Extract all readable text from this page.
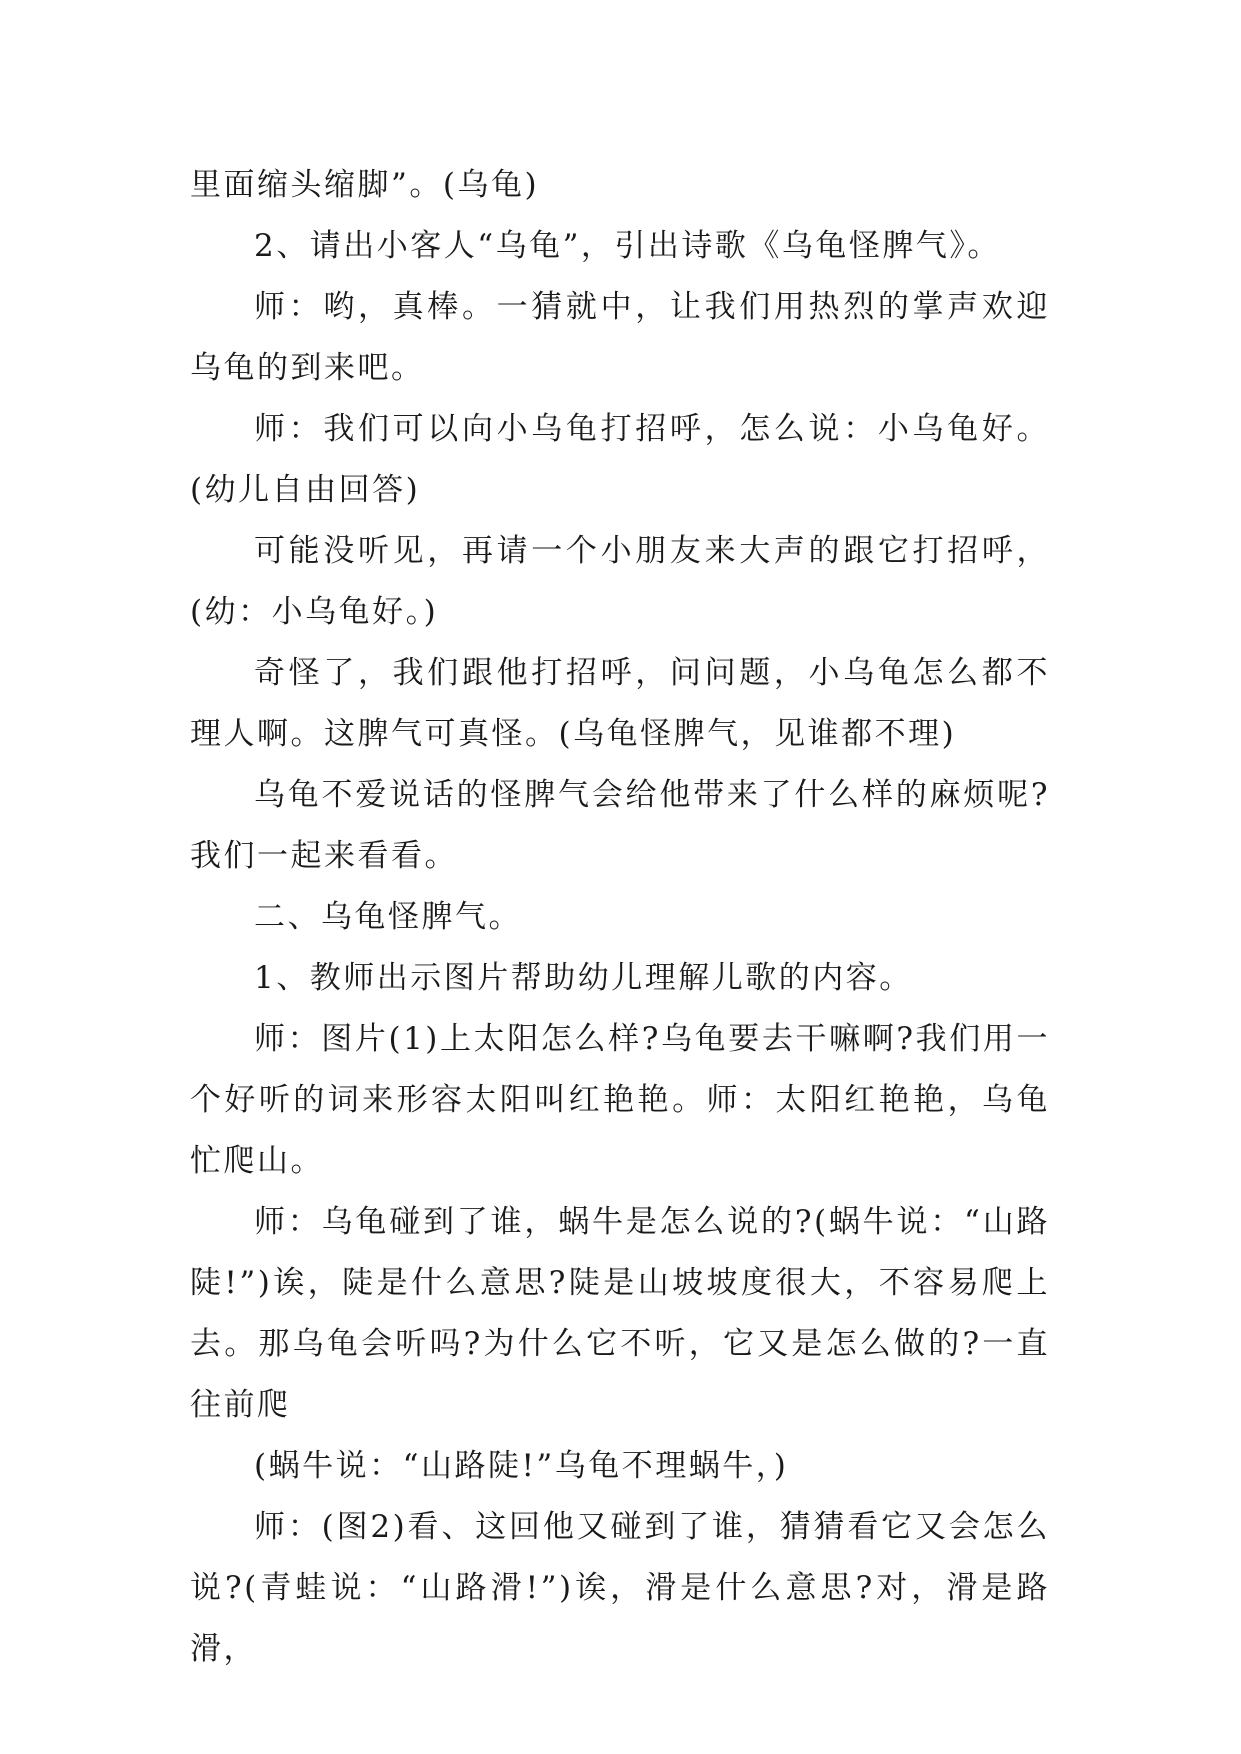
里面缩头缩脚”。(乌龟)

2、请出小客人“乌龟”，引出诗歌《乌龟怪脾气》。

师：哟，真棒。一猜就中，让我们用热烈的掌声欢迎乌龟的到来吧。

师：我们可以向小乌龟打招呼，怎么说：小乌龟好。(幼儿自由回答)

可能没听见，再请一个小朋友来大声的跟它打招呼，(幼：小乌龟好。)

奇怪了，我们跟他打招呼，问问题，小乌龟怎么都不理人啊。这脾气可真怪。(乌龟怪脾气，见谁都不理)

乌龟不爱说话的怪脾气会给他带来了什么样的麻烦呢?我们一起来看看。

二、乌龟怪脾气。

1、教师出示图片帮助幼儿理解儿歌的内容。

师：图片(1)上太阳怎么样?乌龟要去干嘛啊?我们用一个好听的词来形容太阳叫红艳艳。师：太阳红艳艳，乌龟忙爬山。

师：乌龟碰到了谁，蜗牛是怎么说的?(蜗牛说：“山路陡!”)诶，陡是什么意思?陡是山坡坡度很大，不容易爬上去。那乌龟会听吗?为什么它不听，它又是怎么做的?一直往前爬

(蜗牛说：“山路陡!”乌龟不理蜗牛，)

师：(图2)看、这回他又碰到了谁，猜猜看它又会怎么说?(青蛙说：“山路滑!”)诶，滑是什么意思?对，滑是路滑，
